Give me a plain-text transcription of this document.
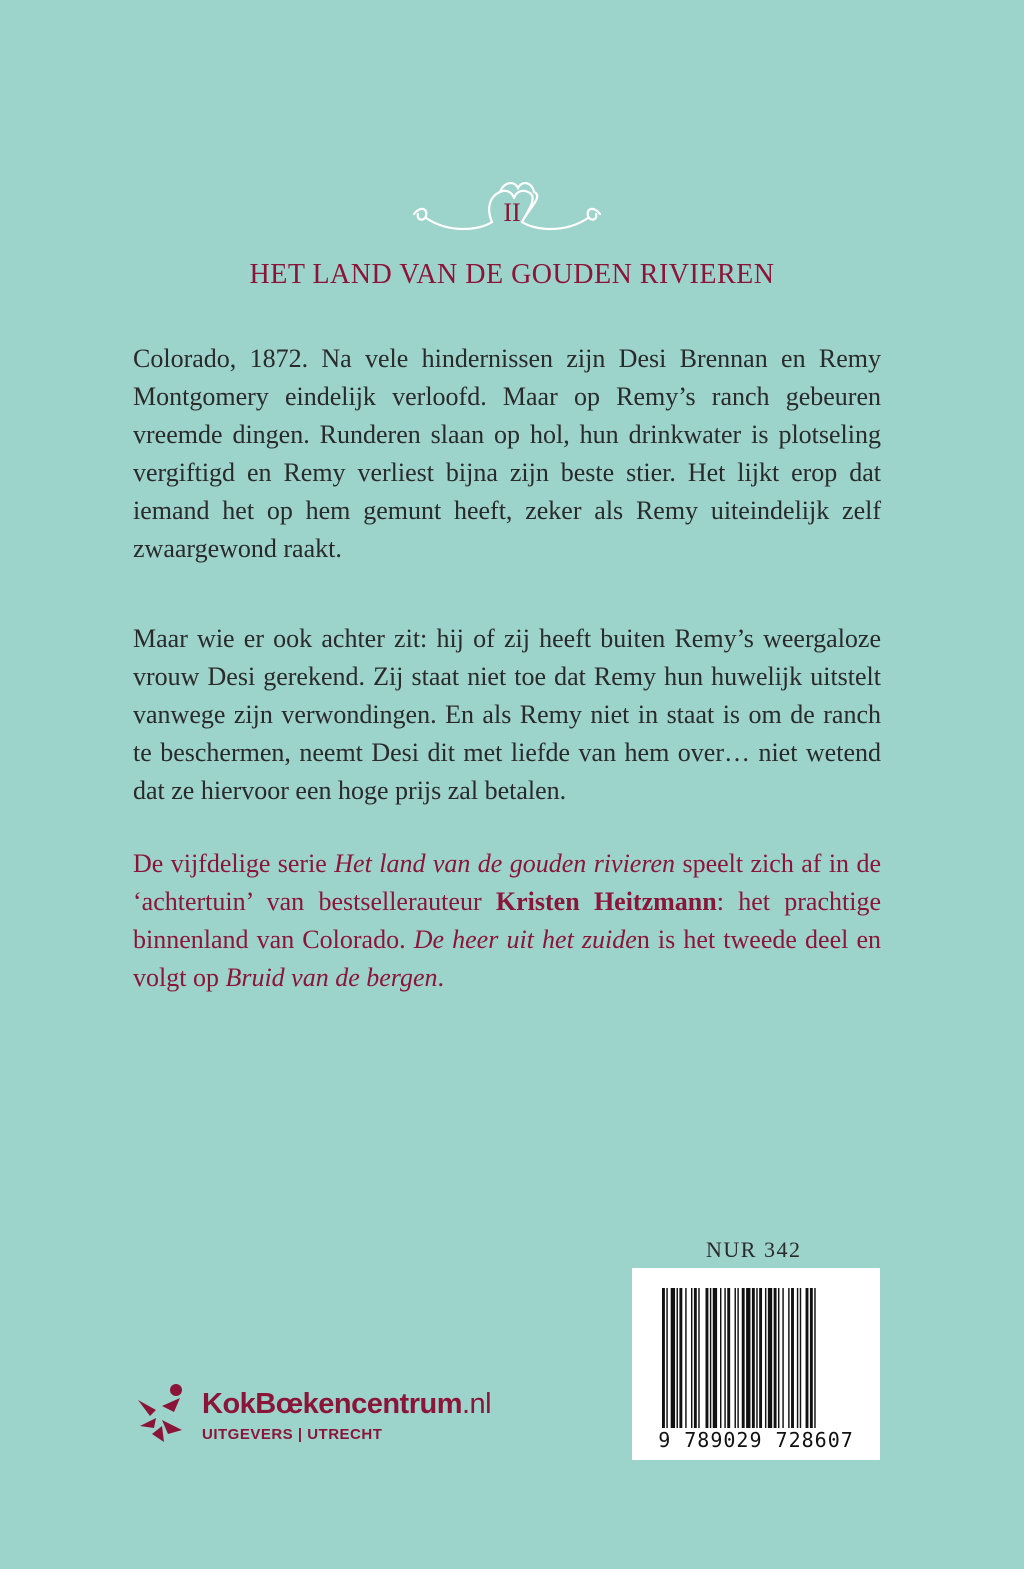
II
HET LAND VAN DE GOUDEN RIVIEREN

Colorado, 1872. Na vele hindernissen zijn Desi Brennan en Remy Montgomery eindelijk verloofd. Maar op Remy’s ranch gebeuren vreemde dingen. Runderen slaan op hol, hun drinkwater is plotseling vergiftigd en Remy verliest bijna zijn beste stier. Het lijkt erop dat iemand het op hem gemunt heeft, zeker als Remy uiteindelijk zelf zwaargewond raakt.

Maar wie er ook achter zit: hij of zij heeft buiten Remy’s weergaloze vrouw Desi gerekend. Zij staat niet toe dat Remy hun huwelijk uitstelt vanwege zijn verwondingen. En als Remy niet in staat is om de ranch te beschermen, neemt Desi dit met liefde van hem over… niet wetend dat ze hiervoor een hoge prijs zal betalen.

De vijfdelige serie Het land van de gouden rivieren speelt zich af in de ‘achtertuin’ van bestsellerauteur Kristen Heitzmann: het prachtige binnenland van Colorado. De heer uit het zuiden is het tweede deel en volgt op Bruid van de bergen.

NUR 342
9 789029 728607
KokBœkencentrum.nl
UITGEVERS | UTRECHT
